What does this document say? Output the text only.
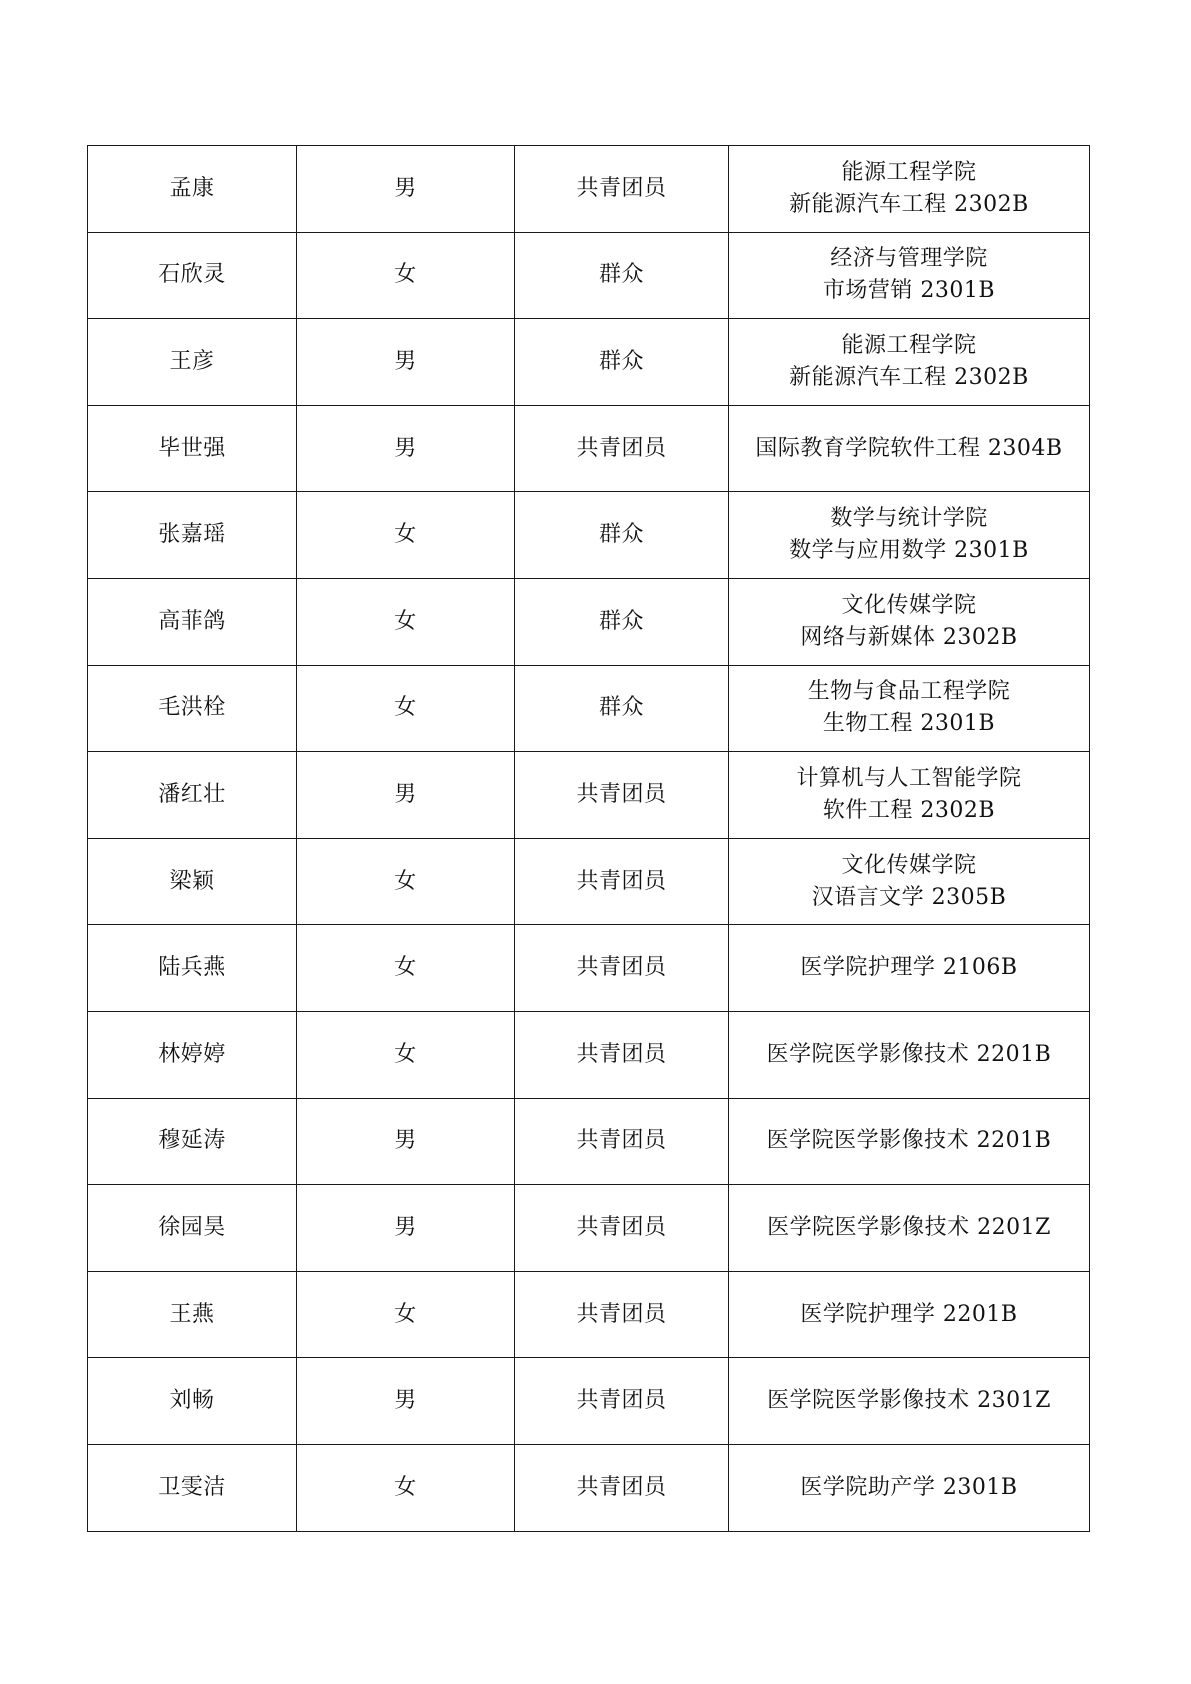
孟康	男	共青团员	能源工程学院
新能源汽车工程 2302B

石欣灵	女	群众	经济与管理学院
市场营销 2301B

王彦	男	群众	能源工程学院
新能源汽车工程 2302B

毕世强	男	共青团员	国际教育学院软件工程 2304B

张嘉瑶	女	群众	数学与统计学院
数学与应用数学 2301B

高菲鸽	女	群众	文化传媒学院
网络与新媒体 2302B

毛洪栓	女	群众	生物与食品工程学院
生物工程 2301B

潘红壮	男	共青团员	计算机与人工智能学院
软件工程 2302B

梁颖	女	共青团员	文化传媒学院
汉语言文学 2305B

陆兵燕	女	共青团员	医学院护理学 2106B

林婷婷	女	共青团员	医学院医学影像技术 2201B

穆延涛	男	共青团员	医学院医学影像技术 2201B

徐园昊	男	共青团员	医学院医学影像技术 2201Z

王燕	女	共青团员	医学院护理学 2201B

刘畅	男	共青团员	医学院医学影像技术 2301Z

卫雯洁	女	共青团员	医学院助产学 2301B
